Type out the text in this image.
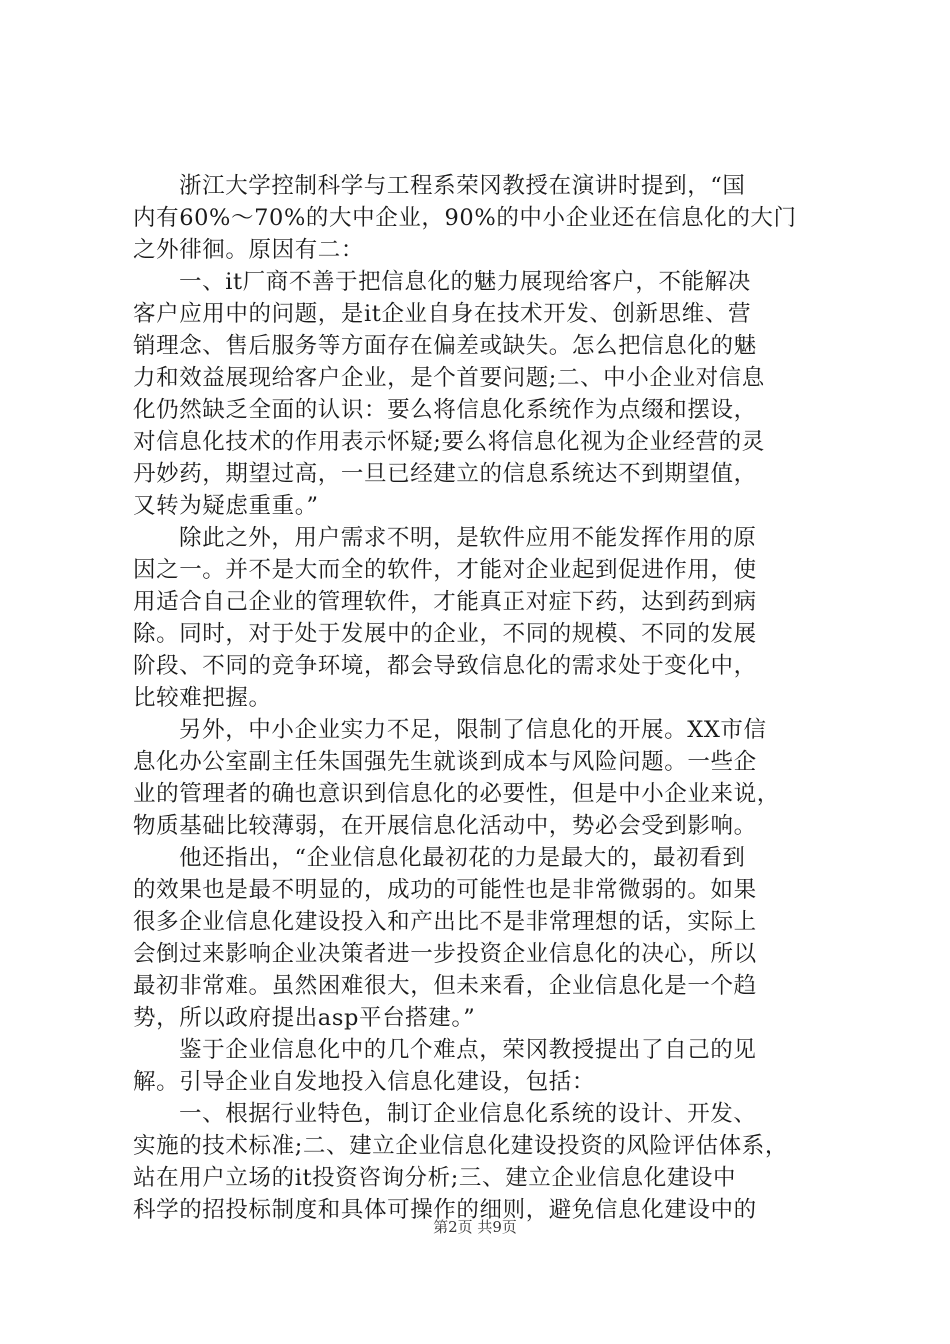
浙江大学控制科学与工程系荣冈教授在演讲时提到，“国
内有60%～70%的大中企业，90%的中小企业还在信息化的大门
之外徘徊。原因有二：
一、it厂商不善于把信息化的魅力展现给客户，不能解决
客户应用中的问题，是it企业自身在技术开发、创新思维、营
销理念、售后服务等方面存在偏差或缺失。怎么把信息化的魅
力和效益展现给客户企业，是个首要问题;二、中小企业对信息
化仍然缺乏全面的认识：要么将信息化系统作为点缀和摆设，
对信息化技术的作用表示怀疑;要么将信息化视为企业经营的灵
丹妙药，期望过高，一旦已经建立的信息系统达不到期望值，
又转为疑虑重重。”
除此之外，用户需求不明，是软件应用不能发挥作用的原
因之一。并不是大而全的软件，才能对企业起到促进作用，使
用适合自己企业的管理软件，才能真正对症下药，达到药到病
除。同时，对于处于发展中的企业，不同的规模、不同的发展
阶段、不同的竞争环境，都会导致信息化的需求处于变化中，
比较难把握。
另外，中小企业实力不足，限制了信息化的开展。XX市信
息化办公室副主任朱国强先生就谈到成本与风险问题。一些企
业的管理者的确也意识到信息化的必要性，但是中小企业来说，
物质基础比较薄弱，在开展信息化活动中，势必会受到影响。
他还指出，“企业信息化最初花的力是最大的，最初看到
的效果也是最不明显的，成功的可能性也是非常微弱的。如果
很多企业信息化建设投入和产出比不是非常理想的话，实际上
会倒过来影响企业决策者进一步投资企业信息化的决心，所以
最初非常难。虽然困难很大，但未来看，企业信息化是一个趋
势，所以政府提出asp平台搭建。”
鉴于企业信息化中的几个难点，荣冈教授提出了自己的见
解。引导企业自发地投入信息化建设，包括：
一、根据行业特色，制订企业信息化系统的设计、开发、
实施的技术标准;二、建立企业信息化建设投资的风险评估体系，
站在用户立场的it投资咨询分析;三、建立企业信息化建设中
科学的招投标制度和具体可操作的细则，避免信息化建设中的
第2页 共9页
